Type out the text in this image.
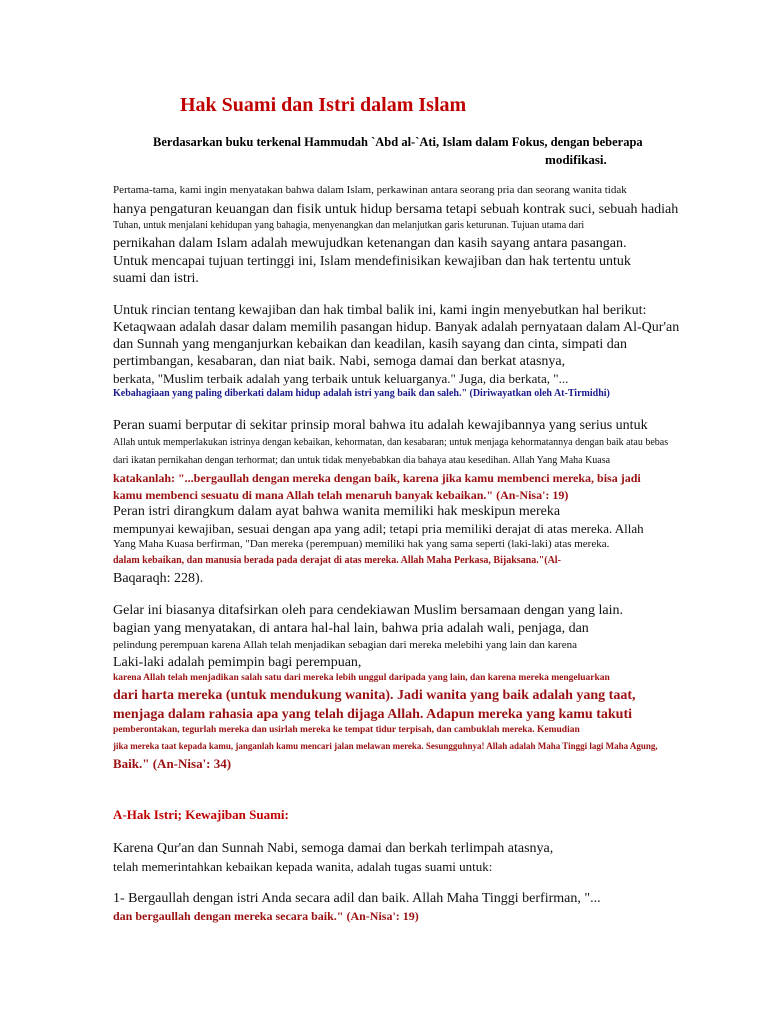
Hak Suami dan Istri dalam Islam
Berdasarkan buku terkenal Hammudah `Abd al-`Ati, Islam dalam Fokus, dengan beberapa
modifikasi.
Pertama-tama, kami ingin menyatakan bahwa dalam Islam, perkawinan antara seorang pria dan seorang wanita tidak
hanya pengaturan keuangan dan fisik untuk hidup bersama tetapi sebuah kontrak suci, sebuah hadiah
Tuhan, untuk menjalani kehidupan yang bahagia, menyenangkan dan melanjutkan garis keturunan. Tujuan utama dari
pernikahan dalam Islam adalah mewujudkan ketenangan dan kasih sayang antara pasangan.
Untuk mencapai tujuan tertinggi ini, Islam mendefinisikan kewajiban dan hak tertentu untuk
suami dan istri.
Untuk rincian tentang kewajiban dan hak timbal balik ini, kami ingin menyebutkan hal berikut:
Ketaqwaan adalah dasar dalam memilih pasangan hidup. Banyak adalah pernyataan dalam Al-Qur'an
dan Sunnah yang menganjurkan kebaikan dan keadilan, kasih sayang dan cinta, simpati dan
pertimbangan, kesabaran, dan niat baik. Nabi, semoga damai dan berkat atasnya,
berkata, "Muslim terbaik adalah yang terbaik untuk keluarganya." Juga, dia berkata, "...
Kebahagiaan yang paling diberkati dalam hidup adalah istri yang baik dan saleh." (Diriwayatkan oleh At-Tirmidhi)
Peran suami berputar di sekitar prinsip moral bahwa itu adalah kewajibannya yang serius untuk
Allah untuk memperlakukan istrinya dengan kebaikan, kehormatan, dan kesabaran; untuk menjaga kehormatannya dengan baik atau bebas
dari ikatan pernikahan dengan terhormat; dan untuk tidak menyebabkan dia bahaya atau kesedihan. Allah Yang Maha Kuasa
katakanlah: "...bergaullah dengan mereka dengan baik, karena jika kamu membenci mereka, bisa jadi
kamu membenci sesuatu di mana Allah telah menaruh banyak kebaikan." (An-Nisa': 19)
Peran istri dirangkum dalam ayat bahwa wanita memiliki hak meskipun mereka
mempunyai kewajiban, sesuai dengan apa yang adil; tetapi pria memiliki derajat di atas mereka. Allah
Yang Maha Kuasa berfirman, "Dan mereka (perempuan) memiliki hak yang sama seperti (laki-laki) atas mereka.
dalam kebaikan, dan manusia berada pada derajat di atas mereka. Allah Maha Perkasa, Bijaksana."(Al-
Baqaraqh: 228).
Gelar ini biasanya ditafsirkan oleh para cendekiawan Muslim bersamaan dengan yang lain.
bagian yang menyatakan, di antara hal-hal lain, bahwa pria adalah wali, penjaga, dan
pelindung perempuan karena Allah telah menjadikan sebagian dari mereka melebihi yang lain dan karena
Laki-laki adalah pemimpin bagi perempuan,
karena Allah telah menjadikan salah satu dari mereka lebih unggul daripada yang lain, dan karena mereka mengeluarkan
dari harta mereka (untuk mendukung wanita). Jadi wanita yang baik adalah yang taat,
menjaga dalam rahasia apa yang telah dijaga Allah. Adapun mereka yang kamu takuti
pemberontakan, tegurlah mereka dan usirlah mereka ke tempat tidur terpisah, dan cambuklah mereka. Kemudian
jika mereka taat kepada kamu, janganlah kamu mencari jalan melawan mereka. Sesungguhnya! Allah adalah Maha Tinggi lagi Maha Agung,
Baik." (An-Nisa': 34)
A-Hak Istri; Kewajiban Suami:
Karena Qur'an dan Sunnah Nabi, semoga damai dan berkah terlimpah atasnya,
telah memerintahkan kebaikan kepada wanita, adalah tugas suami untuk:
1- Bergaullah dengan istri Anda secara adil dan baik. Allah Maha Tinggi berfirman, "...
dan bergaullah dengan mereka secara baik." (An-Nisa': 19)
